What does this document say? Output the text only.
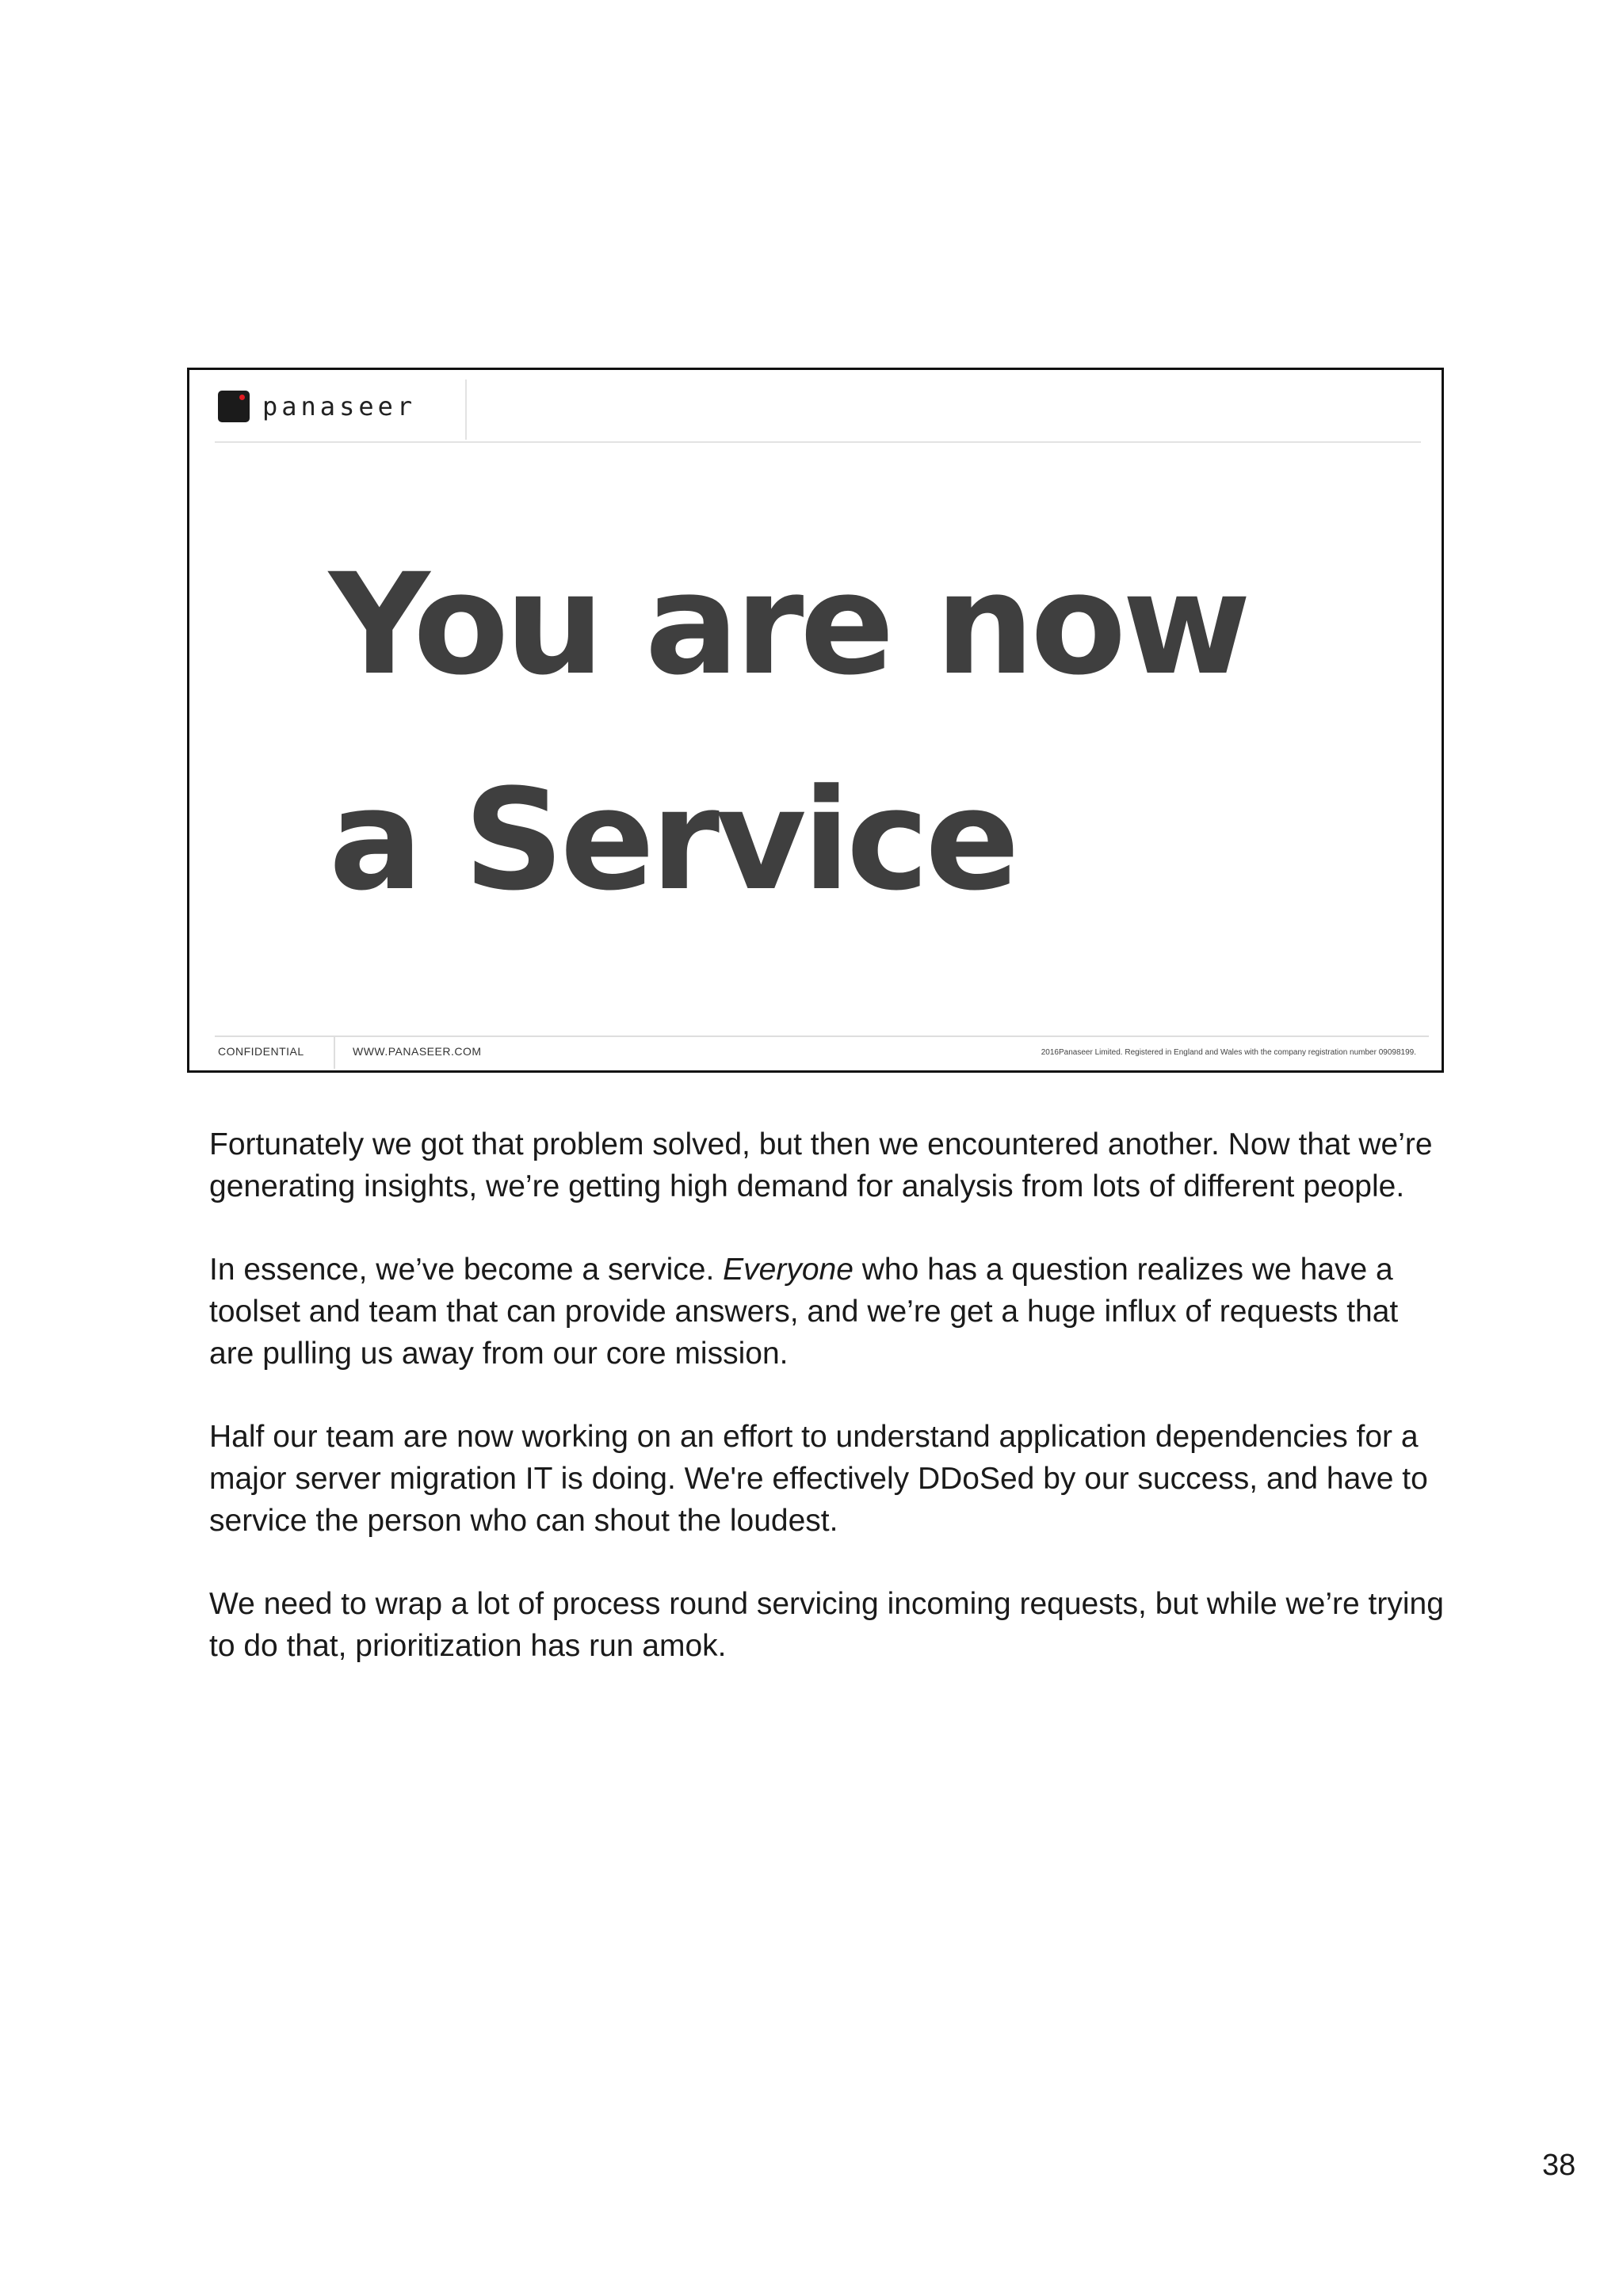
panaseer
You are now
a Service
CONFIDENTIAL	WWW.PANASEER.COM	2016Panaseer Limited. Registered in England and Wales with the company registration number 09098199.

Fortunately we got that problem solved, but then we encountered another. Now that we’re generating insights, we’re getting high demand for analysis from lots of different people.

In essence, we’ve become a service. Everyone who has a question realizes we have a toolset and team that can provide answers, and we’re get a huge influx of requests that are pulling us away from our core mission.

Half our team are now working on an effort to understand application dependencies for a major server migration IT is doing. We're effectively DDoSed by our success, and have to service the person who can shout the loudest.

We need to wrap a lot of process round servicing incoming requests, but while we’re trying to do that, prioritization has run amok.

38
